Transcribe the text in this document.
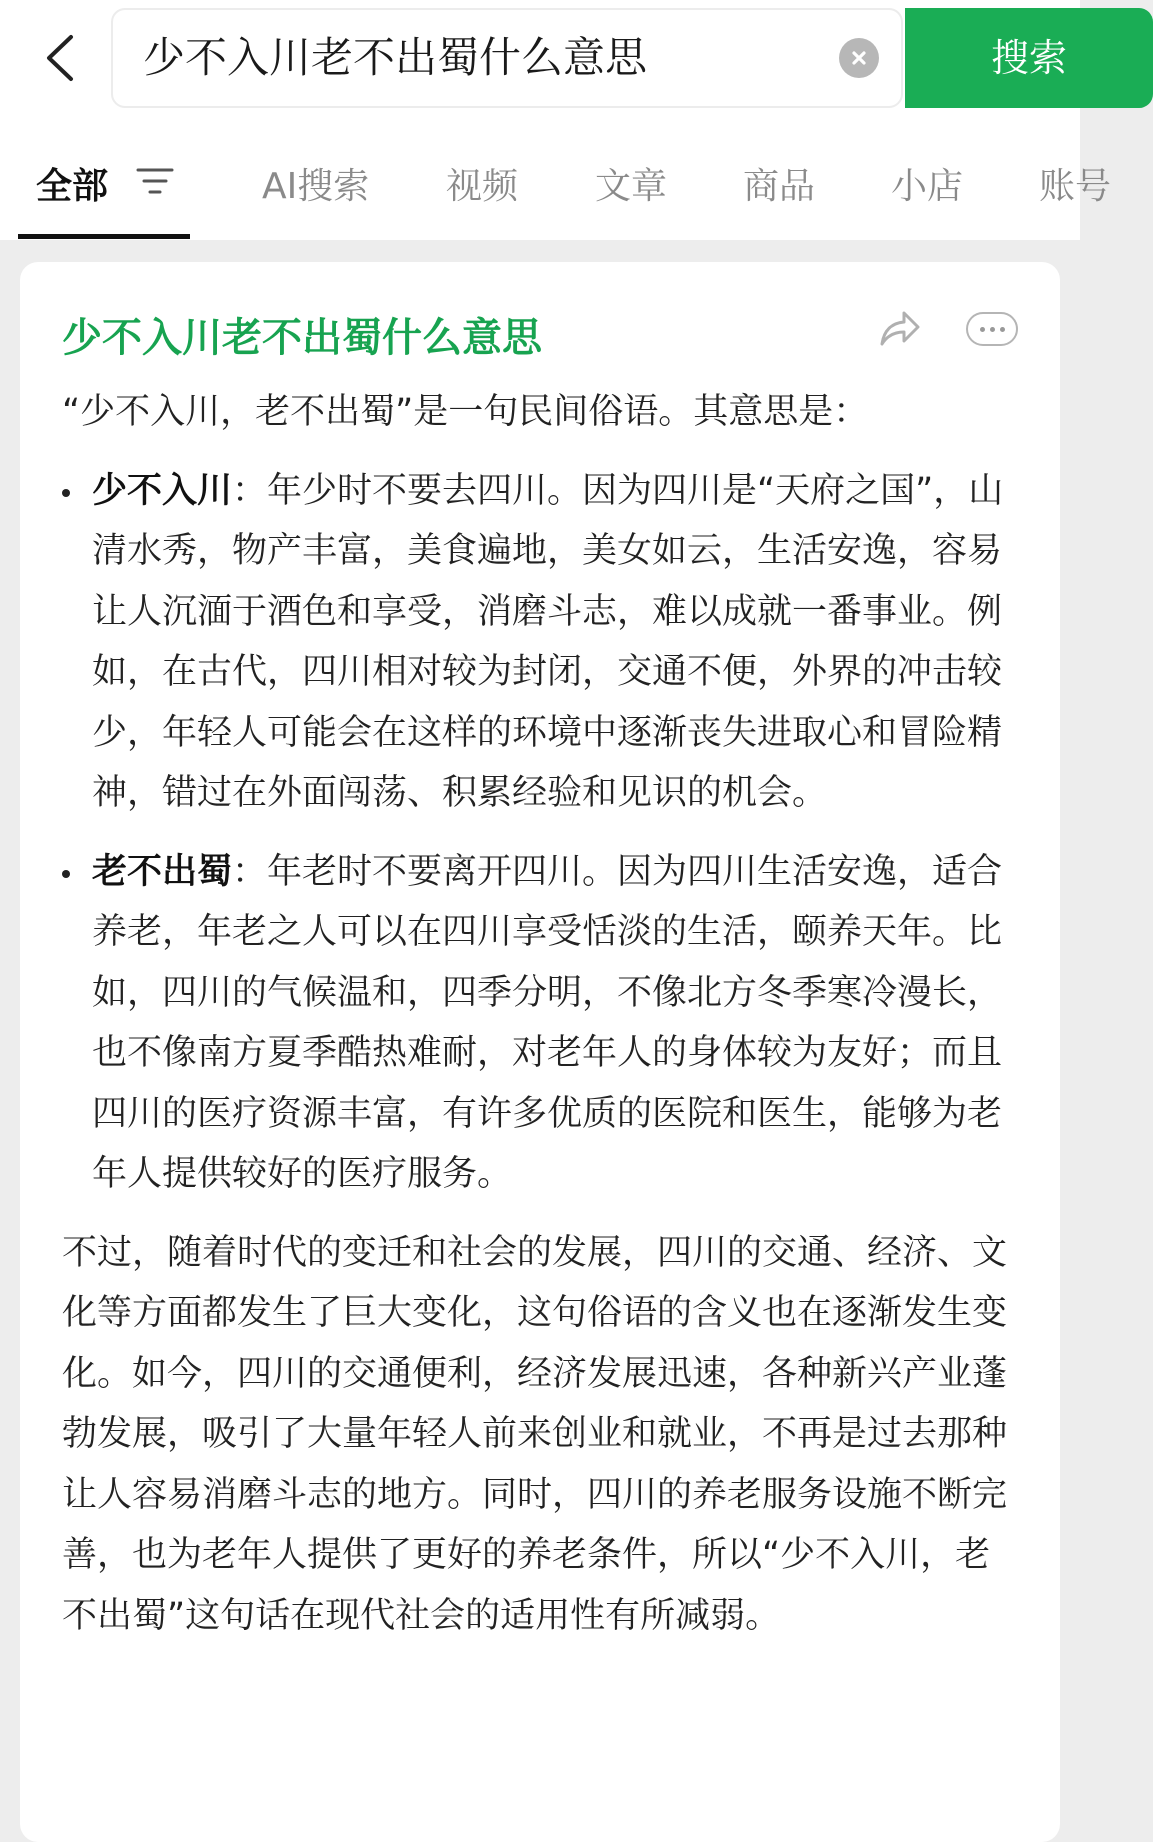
少不入川老不出蜀什么意思	搜索
全部	AI搜索 视频 文章 商品 小店 账号
少不入川老不出蜀什么意思

“少不入川，老不出蜀”是一句民间俗语。其意思是：

少不入川：年少时不要去四川。因为四川是“天府之国”，山清水秀，物产丰富，美食遍地，美女如云，生活安逸，容易让人沉湎于酒色和享受，消磨斗志，难以成就一番事业。例如，在古代，四川相对较为封闭，交通不便，外界的冲击较少，年轻人可能会在这样的环境中逐渐丧失进取心和冒险精神，错过在外面闯荡、积累经验和见识的机会。
老不出蜀：年老时不要离开四川。因为四川生活安逸，适合养老，年老之人可以在四川享受恬淡的生活，颐养天年。比如，四川的气候温和，四季分明，不像北方冬季寒冷漫长，也不像南方夏季酷热难耐，对老年人的身体较为友好；而且四川的医疗资源丰富，有许多优质的医院和医生，能够为老年人提供较好的医疗服务。

不过，随着时代的变迁和社会的发展，四川的交通、经济、文化等方面都发生了巨大变化，这句俗语的含义也在逐渐发生变化。如今，四川的交通便利，经济发展迅速，各种新兴产业蓬勃发展，吸引了大量年轻人前来创业和就业，不再是过去那种让人容易消磨斗志的地方。同时，四川的养老服务设施不断完善，也为老年人提供了更好的养老条件，所以“少不入川，老不出蜀”这句话在现代社会的适用性有所减弱。
